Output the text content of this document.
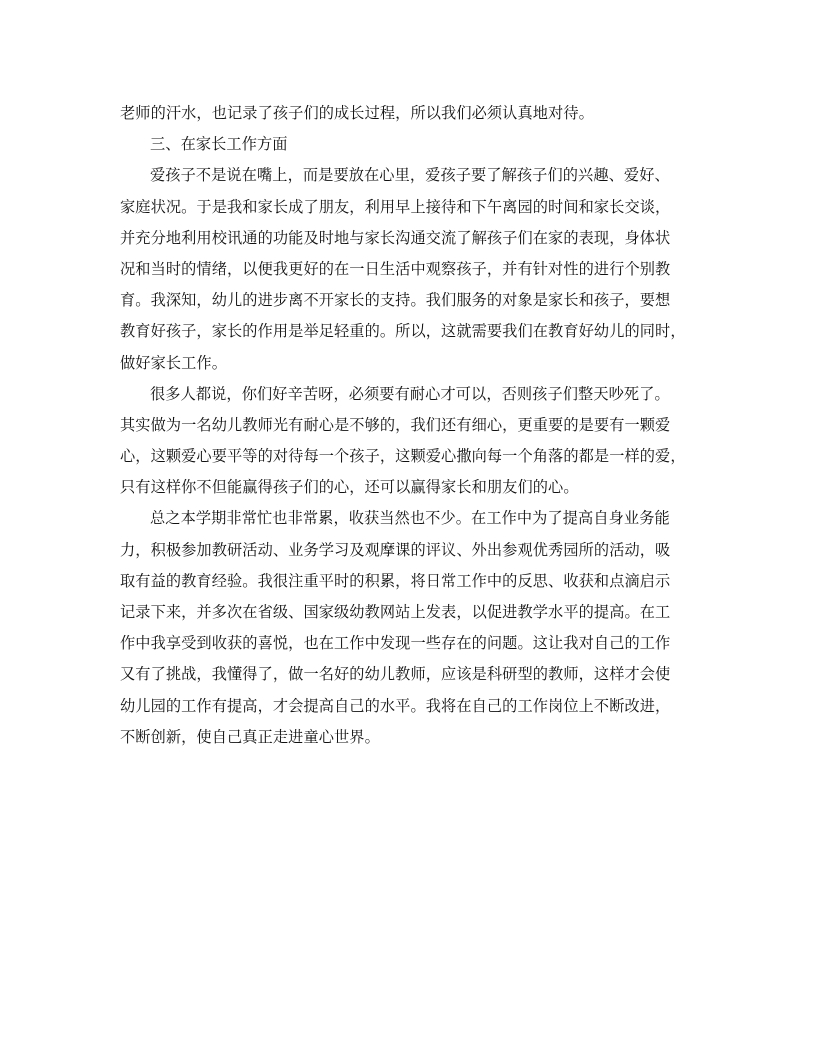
老师的汗水，也记录了孩子们的成长过程，所以我们必须认真地对待。
三、在家长工作方面
爱孩子不是说在嘴上，而是要放在心里，爱孩子要了解孩子们的兴趣、爱好、
家庭状况。于是我和家长成了朋友，利用早上接待和下午离园的时间和家长交谈，
并充分地利用校讯通的功能及时地与家长沟通交流了解孩子们在家的表现，身体状
况和当时的情绪，以便我更好的在一日生活中观察孩子，并有针对性的进行个别教
育。我深知，幼儿的进步离不开家长的支持。我们服务的对象是家长和孩子，要想
教育好孩子，家长的作用是举足轻重的。所以，这就需要我们在教育好幼儿的同时，
做好家长工作。
很多人都说，你们好辛苦呀，必须要有耐心才可以，否则孩子们整天吵死了。
其实做为一名幼儿教师光有耐心是不够的，我们还有细心，更重要的是要有一颗爱
心，这颗爱心要平等的对待每一个孩子，这颗爱心撒向每一个角落的都是一样的爱，
只有这样你不但能赢得孩子们的心，还可以赢得家长和朋友们的心。
总之本学期非常忙也非常累，收获当然也不少。在工作中为了提高自身业务能
力，积极参加教研活动、业务学习及观摩课的评议、外出参观优秀园所的活动，吸
取有益的教育经验。我很注重平时的积累，将日常工作中的反思、收获和点滴启示
记录下来，并多次在省级、国家级幼教网站上发表，以促进教学水平的提高。在工
作中我享受到收获的喜悦，也在工作中发现一些存在的问题。这让我对自己的工作
又有了挑战，我懂得了，做一名好的幼儿教师，应该是科研型的教师，这样才会使
幼儿园的工作有提高，才会提高自己的水平。我将在自己的工作岗位上不断改进，
不断创新，使自己真正走进童心世界。
